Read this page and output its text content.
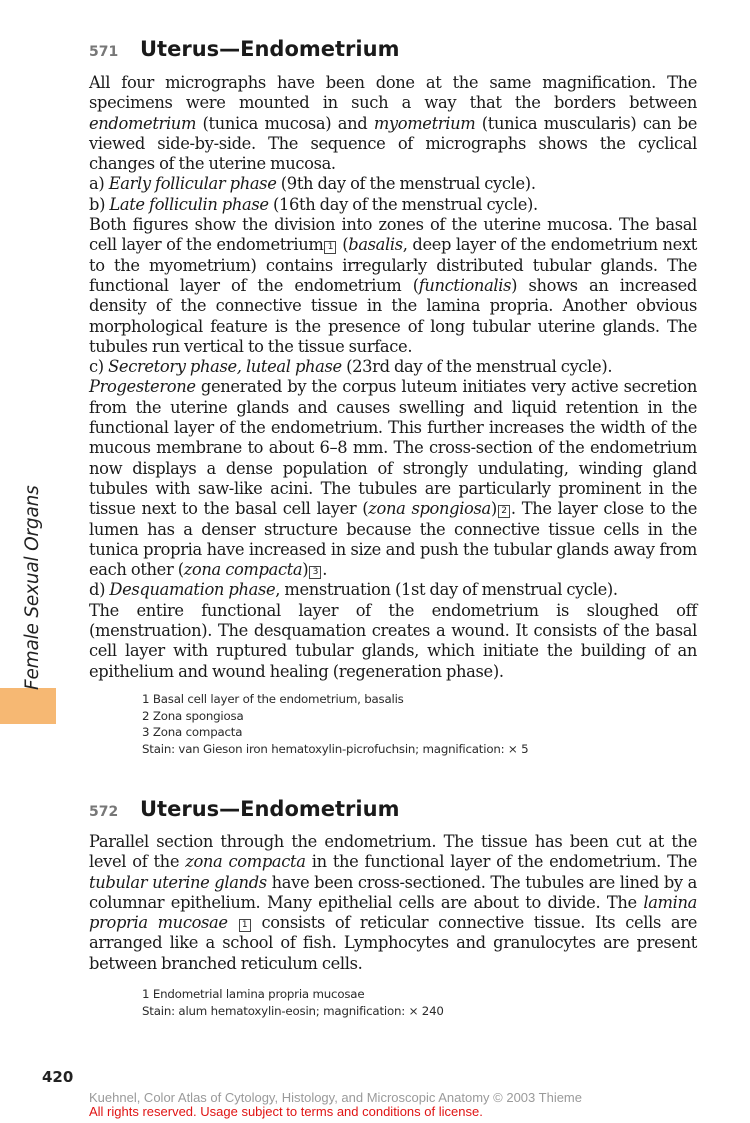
Female Sexual Organs
571	Uterus—Endometrium

All four micrographs have been done at the same magnification. The specimens were mounted in such a way that the borders between endometrium (tunica mucosa) and myometrium (tunica muscularis) can be viewed side-by-side. The sequence of micrographs shows the cyclical changes of the uterine mucosa.

a) Early follicular phase (9th day of the menstrual cycle).

b) Late folliculin phase (16th day of the menstrual cycle).

Both figures show the division into zones of the uterine mucosa. The basal cell layer of the endometrium 1 (basalis, deep layer of the endometrium next to the myometrium) contains irregularly distributed tubular glands. The functional layer of the endometrium (functionalis) shows an increased density of the connective tissue in the lamina propria. Another obvious morphological feature is the presence of long tubular uterine glands. The tubules run vertical to the tissue surface.

c) Secretory phase, luteal phase (23rd day of the menstrual cycle).

Progesterone generated by the corpus luteum initiates very active secretion from the uterine glands and causes swelling and liquid retention in the functional layer of the endometrium. This further increases the width of the mucous membrane to about 6–8 mm. The cross-section of the endometrium now displays a dense population of strongly undulating, winding gland tubules with saw-like acini. The tubules are particularly prominent in the tissue next to the basal cell layer (zona spongiosa) 2 . The layer close to the lumen has a denser structure because the connective tissue cells in the tunica propria have increased in size and push the tubular glands away from each other (zona compacta) 3 .

d) Desquamation phase, menstruation (1st day of menstrual cycle).

The entire functional layer of the endometrium is sloughed off (menstruation). The desquamation creates a wound. It consists of the basal cell layer with ruptured tubular glands, which initiate the building of an epithelium and wound healing (regeneration phase).

1 Basal cell layer of the endometrium, basalis
2 Zona spongiosa
3 Zona compacta
Stain: van Gieson iron hematoxylin-picrofuchsin; magnification: × 5
572	Uterus—Endometrium

Parallel section through the endometrium. The tissue has been cut at the level of the zona compacta in the functional layer of the endometrium. The tubular uterine glands have been cross-sectioned. The tubules are lined by a columnar epithelium. Many epithelial cells are about to divide. The lamina propria mucosae 1 consists of reticular connective tissue. Its cells are arranged like a school of fish. Lymphocytes and granulocytes are present between branched reticulum cells.

1 Endometrial lamina propria mucosae
Stain: alum hematoxylin-eosin; magnification: × 240
420
Kuehnel, Color Atlas of Cytology, Histology, and Microscopic Anatomy © 2003 Thieme
All rights reserved. Usage subject to terms and conditions of license.
